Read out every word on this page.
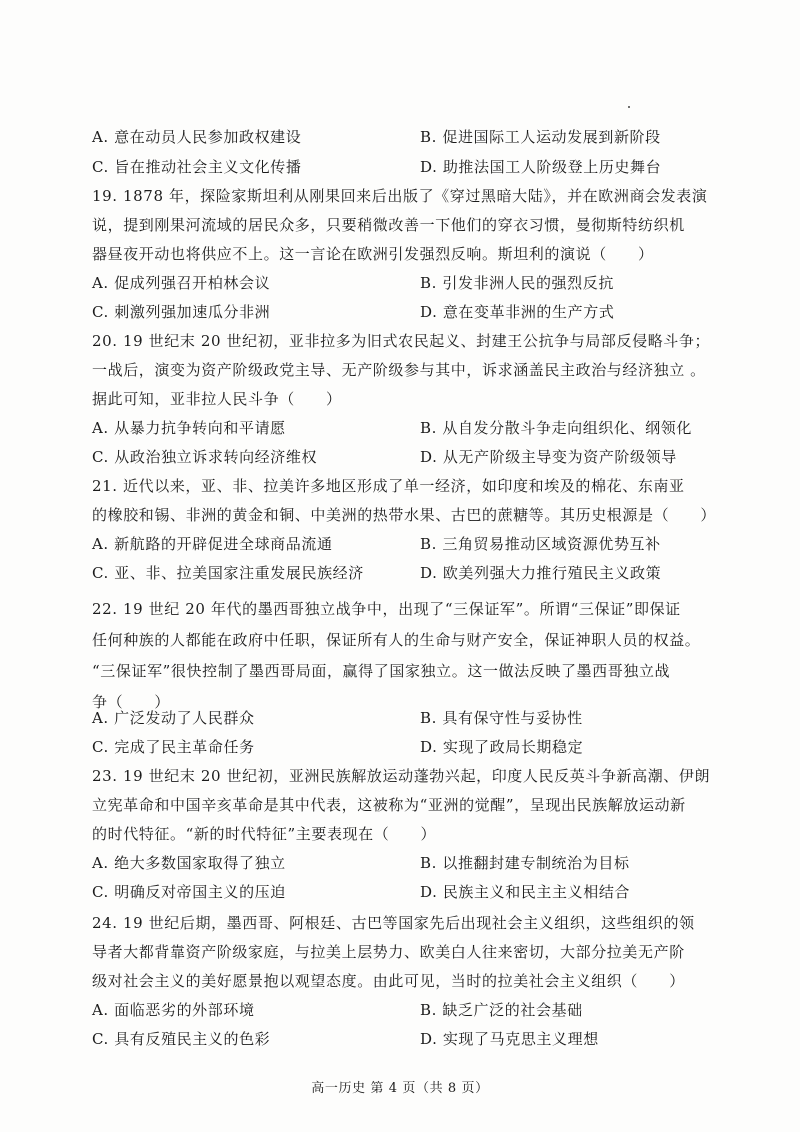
A. 意在动员人民参加政权建设	B. 促进国际工人运动发展到新阶段
C. 旨在推动社会主义文化传播	D. 助推法国工人阶级登上历史舞台
19. 1878 年，探险家斯坦利从刚果回来后出版了《穿过黑暗大陆》，并在欧洲商会发表演
说，提到刚果河流域的居民众多，只要稍微改善一下他们的穿衣习惯，曼彻斯特纺织机
器昼夜开动也将供应不上。这一言论在欧洲引发强烈反响。斯坦利的演说（　　）
A. 促成列强召开柏林会议	B. 引发非洲人民的强烈反抗
C. 刺激列强加速瓜分非洲	D. 意在变革非洲的生产方式
20. 19 世纪末 20 世纪初，亚非拉多为旧式农民起义、封建王公抗争与局部反侵略斗争；
一战后，演变为资产阶级政党主导、无产阶级参与其中，诉求涵盖民主政治与经济独立 。
据此可知，亚非拉人民斗争（　　）
A. 从暴力抗争转向和平请愿	B. 从自发分散斗争走向组织化、纲领化
C. 从政治独立诉求转向经济维权	D. 从无产阶级主导变为资产阶级领导
21. 近代以来，亚、非、拉美许多地区形成了单一经济，如印度和埃及的棉花、东南亚
的橡胶和锡、非洲的黄金和铜、中美洲的热带水果、古巴的蔗糖等。其历史根源是（　　）
A. 新航路的开辟促进全球商品流通	B. 三角贸易推动区域资源优势互补
C. 亚、非、拉美国家注重发展民族经济	D. 欧美列强大力推行殖民主义政策
22. 19 世纪 20 年代的墨西哥独立战争中，出现了“三保证军”。所谓“三保证”即保证
任何种族的人都能在政府中任职，保证所有人的生命与财产安全，保证神职人员的权益。
“三保证军”很快控制了墨西哥局面，赢得了国家独立。这一做法反映了墨西哥独立战
争（　　）
A. 广泛发动了人民群众	B. 具有保守性与妥协性
C. 完成了民主革命任务	D. 实现了政局长期稳定
23. 19 世纪末 20 世纪初，亚洲民族解放运动蓬勃兴起，印度人民反英斗争新高潮、伊朗
立宪革命和中国辛亥革命是其中代表，这被称为“亚洲的觉醒”，呈现出民族解放运动新
的时代特征。“新的时代特征”主要表现在（　　）
A. 绝大多数国家取得了独立	B. 以推翻封建专制统治为目标
C. 明确反对帝国主义的压迫	D. 民族主义和民主主义相结合
24. 19 世纪后期，墨西哥、阿根廷、古巴等国家先后出现社会主义组织，这些组织的领
导者大都背靠资产阶级家庭，与拉美上层势力、欧美白人往来密切，大部分拉美无产阶
级对社会主义的美好愿景抱以观望态度。由此可见，当时的拉美社会主义组织（　　）
A. 面临恶劣的外部环境	B. 缺乏广泛的社会基础
C. 具有反殖民主义的色彩	D. 实现了马克思主义理想
高一历史 第 4 页（共 8 页）
